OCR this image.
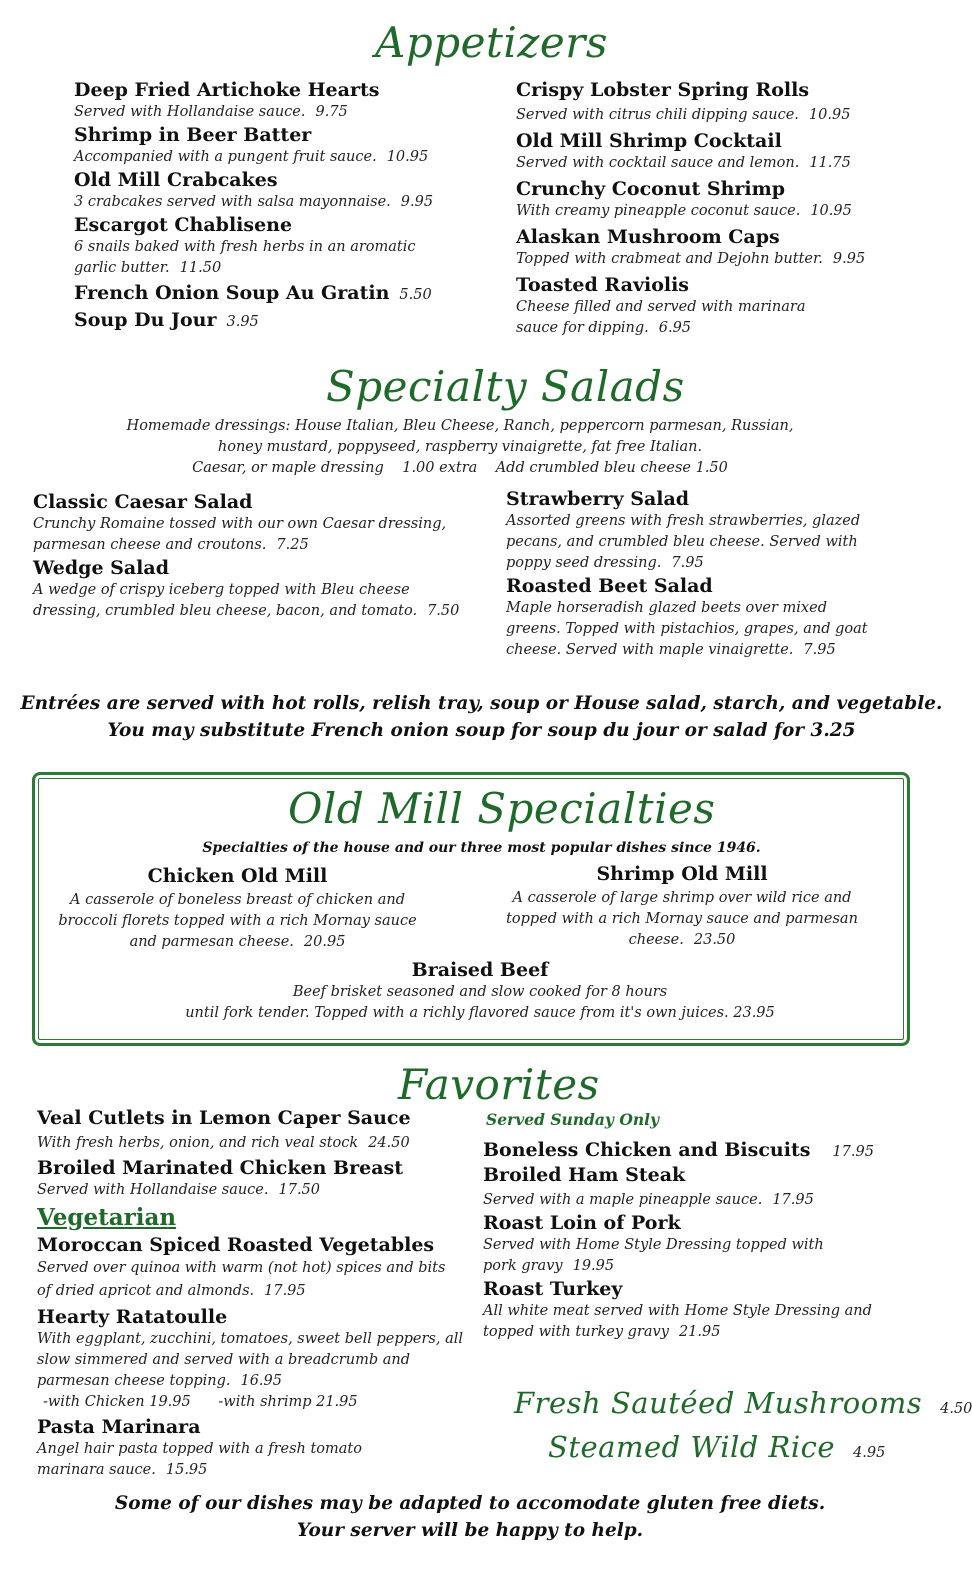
Appetizers
Deep Fried Artichoke Hearts
Served with Hollandaise sauce. 9.75
Shrimp in Beer Batter
Accompanied with a pungent fruit sauce. 10.95
Old Mill Crabcakes
3 crabcakes served with salsa mayonnaise. 9.95
Escargot Chablisene
6 snails baked with fresh herbs in an aromatic
garlic butter. 11.50
French Onion Soup Au Gratin 5.50
Soup Du Jour 3.95
Crispy Lobster Spring Rolls
Served with citrus chili dipping sauce. 10.95
Old Mill Shrimp Cocktail
Served with cocktail sauce and lemon. 11.75
Crunchy Coconut Shrimp
With creamy pineapple coconut sauce. 10.95
Alaskan Mushroom Caps
Topped with crabmeat and Dejohn butter. 9.95
Toasted Raviolis
Cheese filled and served with marinara
sauce for dipping. 6.95
Specialty Salads
Homemade dressings: House Italian, Bleu Cheese, Ranch, peppercorn parmesan, Russian,
honey mustard, poppyseed, raspberry vinaigrette, fat free Italian.
Caesar, or maple dressing    1.00 extra    Add crumbled bleu cheese 1.50
Classic Caesar Salad
Crunchy Romaine tossed with our own Caesar dressing,
parmesan cheese and croutons. 7.25
Wedge Salad
A wedge of crispy iceberg topped with Bleu cheese
dressing, crumbled bleu cheese, bacon, and tomato. 7.50
Strawberry Salad
Assorted greens with fresh strawberries, glazed
pecans, and crumbled bleu cheese. Served with
poppy seed dressing. 7.95
Roasted Beet Salad
Maple horseradish glazed beets over mixed
greens. Topped with pistachios, grapes, and goat
cheese. Served with maple vinaigrette. 7.95
Entrées are served with hot rolls, relish tray, soup or House salad, starch, and vegetable.
You may substitute French onion soup for soup du jour or salad for 3.25
Old Mill Specialties
Specialties of the house and our three most popular dishes since 1946.
Chicken Old Mill
A casserole of boneless breast of chicken and
broccoli florets topped with a rich Mornay sauce
and parmesan cheese. 20.95
Shrimp Old Mill
A casserole of large shrimp over wild rice and
topped with a rich Mornay sauce and parmesan
cheese. 23.50
Braised Beef
Beef brisket seasoned and slow cooked for 8 hours
until fork tender. Topped with a richly flavored sauce from it's own juices. 23.95
Favorites
Veal Cutlets in Lemon Caper Sauce
With fresh herbs, onion, and rich veal stock 24.50
Broiled Marinated Chicken Breast
Served with Hollandaise sauce. 17.50
Vegetarian
Moroccan Spiced Roasted Vegetables
Served over quinoa with warm (not hot) spices and bits
of dried apricot and almonds. 17.95
Hearty Ratatoulle
With eggplant, zucchini, tomatoes, sweet bell peppers, all
slow simmered and served with a breadcrumb and
parmesan cheese topping. 16.95
-with Chicken 19.95      -with shrimp 21.95
Pasta Marinara
Angel hair pasta topped with a fresh tomato
marinara sauce. 15.95
Served Sunday Only
Boneless Chicken and Biscuits 17.95
Broiled Ham Steak
Served with a maple pineapple sauce. 17.95
Roast Loin of Pork
Served with Home Style Dressing topped with
pork gravy 19.95
Roast Turkey
All white meat served with Home Style Dressing and
topped with turkey gravy 21.95
Fresh Sautéed Mushrooms 4.50
Steamed Wild Rice 4.95
Some of our dishes may be adapted to accomodate gluten free diets.
Your server will be happy to help.
